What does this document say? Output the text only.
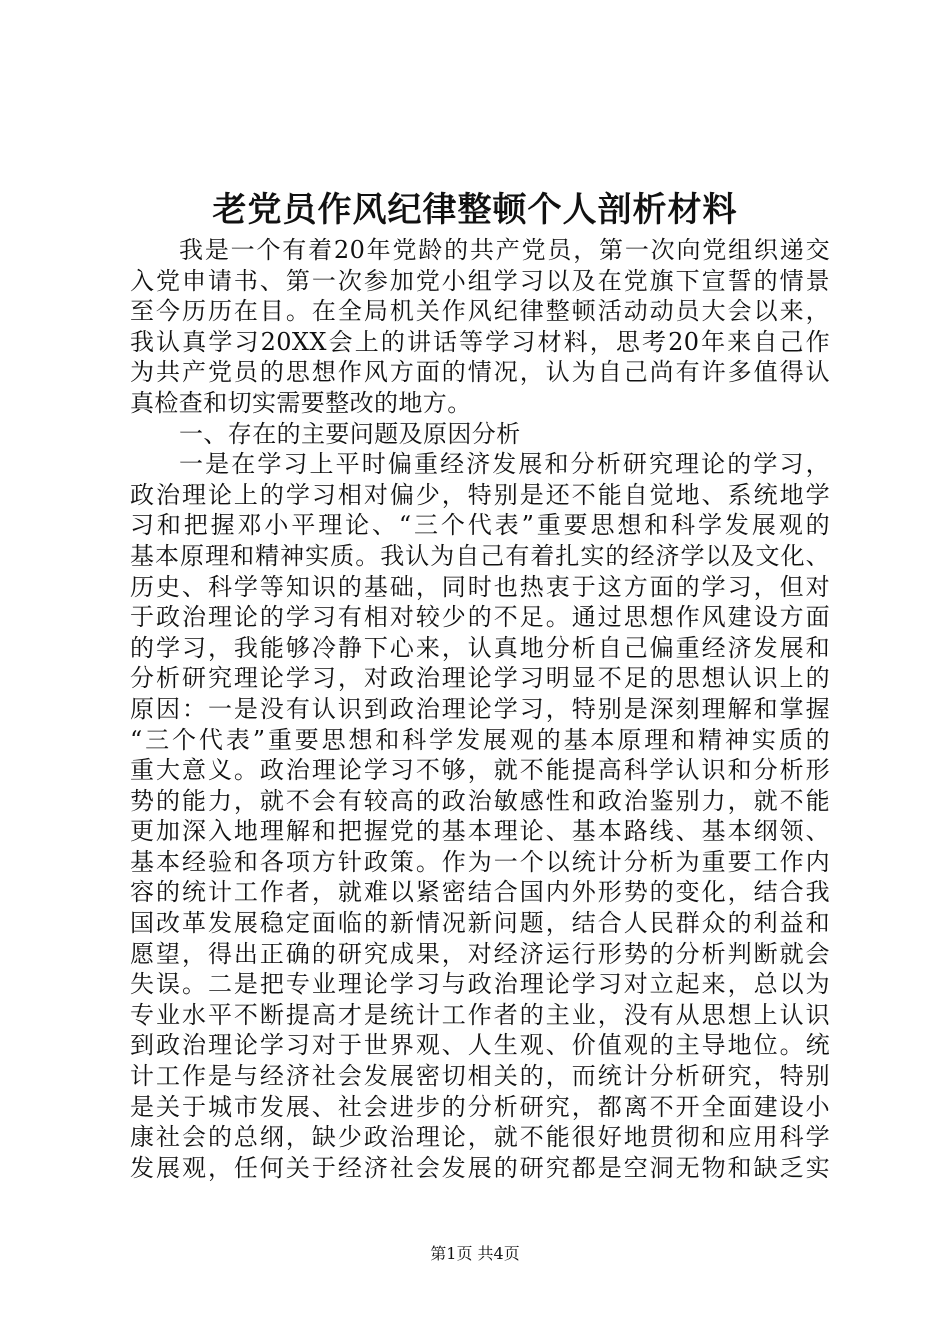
老党员作风纪律整顿个人剖析材料
我是一个有着20年党龄的共产党员，第一次向党组织递交
入党申请书、第一次参加党小组学习以及在党旗下宣誓的情景
至今历历在目。在全局机关作风纪律整顿活动动员大会以来，
我认真学习20XX会上的讲话等学习材料，思考20年来自己作
为共产党员的思想作风方面的情况，认为自己尚有许多值得认
真检查和切实需要整改的地方。
一、存在的主要问题及原因分析
一是在学习上平时偏重经济发展和分析研究理论的学习，
政治理论上的学习相对偏少，特别是还不能自觉地、系统地学
习和把握邓小平理论、“三个代表”重要思想和科学发展观的
基本原理和精神实质。我认为自己有着扎实的经济学以及文化、
历史、科学等知识的基础，同时也热衷于这方面的学习，但对
于政治理论的学习有相对较少的不足。通过思想作风建设方面
的学习，我能够冷静下心来，认真地分析自己偏重经济发展和
分析研究理论学习，对政治理论学习明显不足的思想认识上的
原因：一是没有认识到政治理论学习，特别是深刻理解和掌握
“三个代表”重要思想和科学发展观的基本原理和精神实质的
重大意义。政治理论学习不够，就不能提高科学认识和分析形
势的能力，就不会有较高的政治敏感性和政治鉴别力，就不能
更加深入地理解和把握党的基本理论、基本路线、基本纲领、
基本经验和各项方针政策。作为一个以统计分析为重要工作内
容的统计工作者，就难以紧密结合国内外形势的变化，结合我
国改革发展稳定面临的新情况新问题，结合人民群众的利益和
愿望，得出正确的研究成果，对经济运行形势的分析判断就会
失误。二是把专业理论学习与政治理论学习对立起来，总以为
专业水平不断提高才是统计工作者的主业，没有从思想上认识
到政治理论学习对于世界观、人生观、价值观的主导地位。统
计工作是与经济社会发展密切相关的，而统计分析研究，特别
是关于城市发展、社会进步的分析研究，都离不开全面建设小
康社会的总纲，缺少政治理论，就不能很好地贯彻和应用科学
发展观，任何关于经济社会发展的研究都是空洞无物和缺乏实
第1页 共4页
